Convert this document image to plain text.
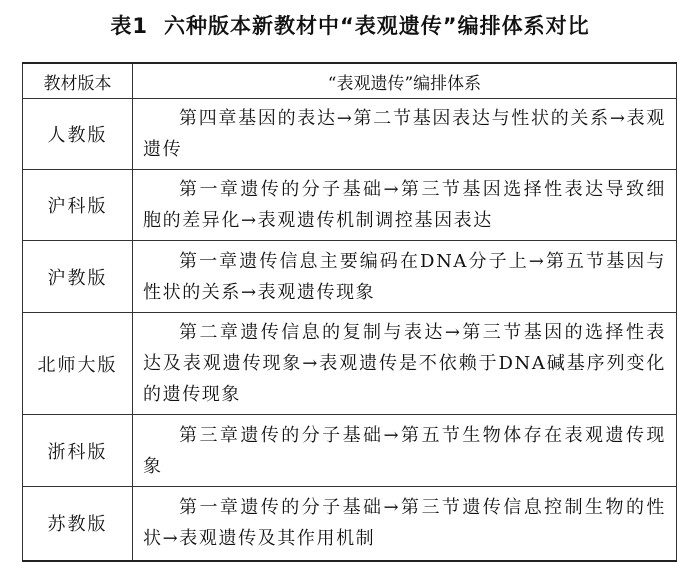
表1 六种版本新教材中“表观遗传”编排体系对比
教材版本	“表观遗传”编排体系
人教版	第四章基因的表达→第二节基因表达与性状的关系→表观遗传

沪科版	第一章遗传的分子基础→第三节基因选择性表达导致细胞的差异化→表观遗传机制调控基因表达

沪教版	第一章遗传信息主要编码在DNA分子上→第五节基因与性状的关系→表观遗传现象

北师大版	第二章遗传信息的复制与表达→第三节基因的选择性表达及表观遗传现象→表观遗传是不依赖于DNA碱基序列变化的遗传现象

浙科版	第三章遗传的分子基础→第五节生物体存在表观遗传现象

苏教版	第一章遗传的分子基础→第三节遗传信息控制生物的性状→表观遗传及其作用机制
